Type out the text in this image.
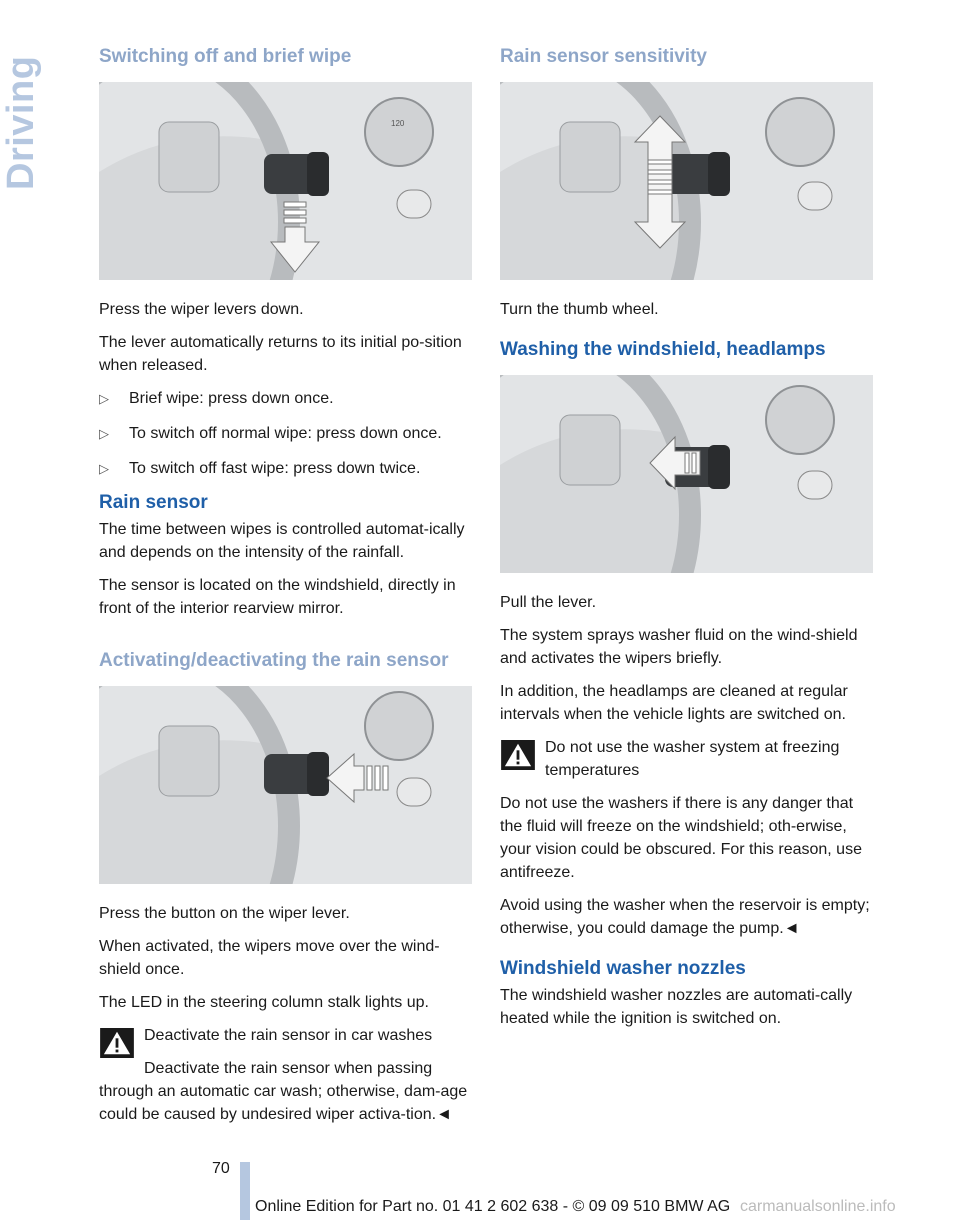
Driving	Switching off and brief wipe
120

Press the wiper levers down.

The lever automatically returns to its initial po-sition when released.

▷ Brief wipe: press down once.
▷ To switch off normal wipe: press down once.
▷ To switch off fast wipe: press down twice.
Rain sensor

The time between wipes is controlled automat-ically and depends on the intensity of the rainfall.

The sensor is located on the windshield, directly in front of the interior rearview mirror.

Activating/deactivating the rain sensor

Press the button on the wiper lever.

When activated, the wipers move over the wind-shield once.

The LED in the steering column stalk lights up.

Deactivate the rain sensor in car washes

Deactivate the rain sensor when passing through an automatic car wash; otherwise, dam-age could be caused by undesired wiper activa-tion.◄

Rain sensor sensitivity

Turn the thumb wheel.

Washing the windshield, headlamps

Pull the lever.

The system sprays washer fluid on the wind-shield and activates the wipers briefly.

In addition, the headlamps are cleaned at regular intervals when the vehicle lights are switched on.

Do not use the washer system at freezing temperatures

Do not use the washers if there is any danger that the fluid will freeze on the windshield; oth-erwise, your vision could be obscured. For this reason, use antifreeze.

Avoid using the washer when the reservoir is empty; otherwise, you could damage the pump.◄

Windshield washer nozzles

The windshield washer nozzles are automati-cally heated while the ignition is switched on.

70
Online Edition for Part no. 01 41 2 602 638 - © 09 09 510 BMW AG carmanualsonline.info
